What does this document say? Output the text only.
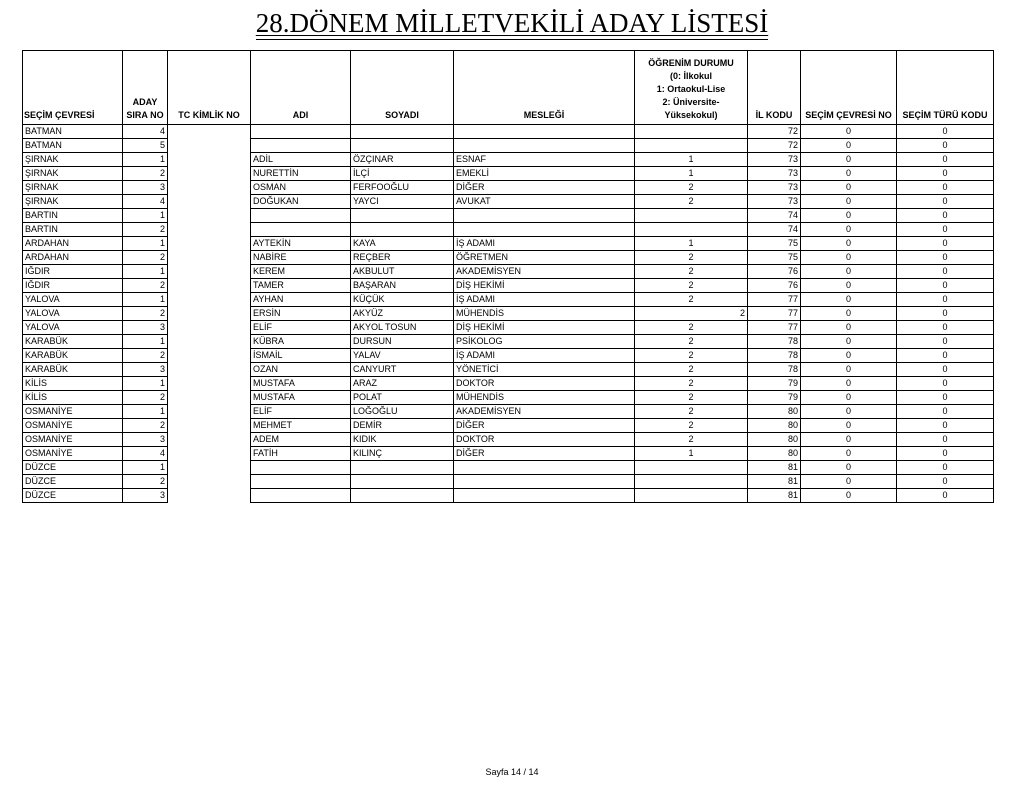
28.DÖNEM MİLLETVEKİLİ ADAY LİSTESİ
SEÇİM ÇEVRESİ	ADAY
SIRA NO	TC KİMLİK NO	ADI	SOYADI	MESLEĞİ	ÖĞRENİM DURUMU
(0: İlkokul
1: Ortaokul-Lise
2: Üniversite-
Yüksekokul)	İL KODU	SEÇİM ÇEVRESİ NO	SEÇİM TÜRÜ KODU
BATMAN	4						72	0	0
BATMAN	5						72	0	0
ŞIRNAK	1		ADİL	ÖZÇINAR	ESNAF	1	73	0	0
ŞIRNAK	2		NURETTİN	İLÇİ	EMEKLİ	1	73	0	0
ŞIRNAK	3		OSMAN	FERFOOĞLU	DİĞER	2	73	0	0
ŞIRNAK	4		DOĞUKAN	YAYCI	AVUKAT	2	73	0	0
BARTIN	1						74	0	0
BARTIN	2						74	0	0
ARDAHAN	1		AYTEKİN	KAYA	İŞ ADAMI	1	75	0	0
ARDAHAN	2		NABİRE	REÇBER	ÖĞRETMEN	2	75	0	0
IĞDIR	1		KEREM	AKBULUT	AKADEMİSYEN	2	76	0	0
IĞDIR	2		TAMER	BAŞARAN	DİŞ HEKİMİ	2	76	0	0
YALOVA	1		AYHAN	KÜÇÜK	İŞ ADAMI	2	77	0	0
YALOVA	2		ERSİN	AKYÜZ	MÜHENDİS	2	77	0	0
YALOVA	3		ELİF	AKYOL TOSUN	DİŞ HEKİMİ	2	77	0	0
KARABÜK	1		KÜBRA	DURSUN	PSİKOLOG	2	78	0	0
KARABÜK	2		İSMAİL	YALAV	İŞ ADAMI	2	78	0	0
KARABÜK	3		OZAN	CANYURT	YÖNETİCİ	2	78	0	0
KİLİS	1		MUSTAFA	ARAZ	DOKTOR	2	79	0	0
KİLİS	2		MUSTAFA	POLAT	MÜHENDİS	2	79	0	0
OSMANİYE	1		ELİF	LOĞOĞLU	AKADEMİSYEN	2	80	0	0
OSMANİYE	2		MEHMET	DEMİR	DİĞER	2	80	0	0
OSMANİYE	3		ADEM	KIDIK	DOKTOR	2	80	0	0
OSMANİYE	4		FATİH	KILINÇ	DİĞER	1	80	0	0
DÜZCE	1						81	0	0
DÜZCE	2						81	0	0
DÜZCE	3						81	0	0
Sayfa 14 / 14
